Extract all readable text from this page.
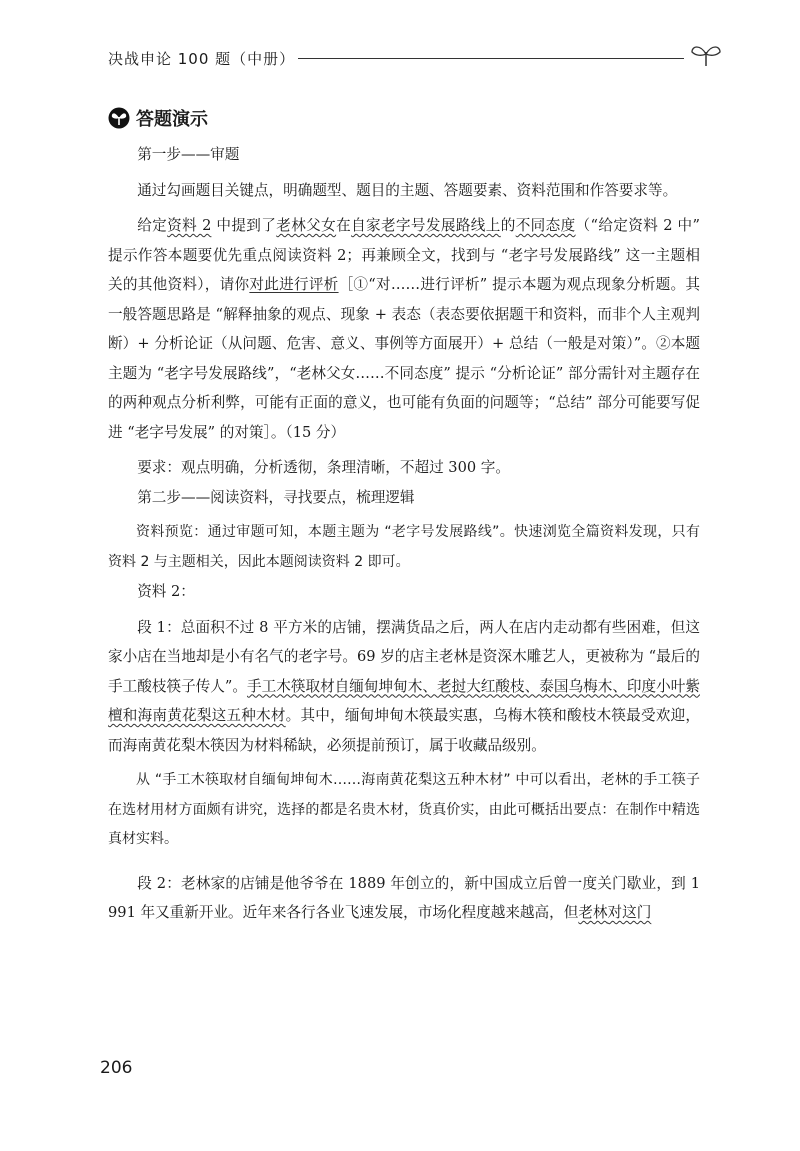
决战申论 100 题（中册）
答题演示

第一步——审题

通过勾画题目关键点，明确题型、题目的主题、答题要素、资料范围和作答要求等。

给定资料 2 中提到了老林父女在自家老字号发展路线上的不同态度（“给定资料 2 中” 提示作答本题要优先重点阅读资料 2；再兼顾全文，找到与 “老字号发展路线” 这一主题相关的其他资料），请你对此进行评析［①“对……进行评析” 提示本题为观点现象分析题。其一般答题思路是 “解释抽象的观点、现象 + 表态（表态要依据题干和资料，而非个人主观判断）+ 分析论证（从问题、危害、意义、事例等方面展开）+ 总结（一般是对策）”。②本题主题为 “老字号发展路线”，“老林父女……不同态度” 提示 “分析论证” 部分需针对主题存在的两种观点分析利弊，可能有正面的意义，也可能有负面的问题等；“总结” 部分可能要写促进 “老字号发展” 的对策］。（15 分）

要求：观点明确，分析透彻，条理清晰，不超过 300 字。

第二步——阅读资料，寻找要点，梳理逻辑

资料预览：通过审题可知，本题主题为 “老字号发展路线”。快速浏览全篇资料发现，只有资料 2 与主题相关，因此本题阅读资料 2 即可。

资料 2：

段 1：总面积不过 8 平方米的店铺，摆满货品之后，两人在店内走动都有些困难，但这家小店在当地却是小有名气的老字号。69 岁的店主老林是资深木雕艺人，更被称为 “最后的手工酸枝筷子传人”。手工木筷取材自缅甸坤甸木、老挝大红酸枝、泰国乌梅木、印度小叶紫檀和海南黄花梨这五种木材。其中，缅甸坤甸木筷最实惠，乌梅木筷和酸枝木筷最受欢迎，而海南黄花梨木筷因为材料稀缺，必须提前预订，属于收藏品级别。

从 “手工木筷取材自缅甸坤甸木……海南黄花梨这五种木材” 中可以看出，老林的手工筷子在选材用材方面颇有讲究，选择的都是名贵木材，货真价实，由此可概括出要点：在制作中精选真材实料。

段 2：老林家的店铺是他爷爷在 1889 年创立的，新中国成立后曾一度关门歇业，到 1991 年又重新开业。近年来各行各业飞速发展，市场化程度越来越高，但老林对这门

206
